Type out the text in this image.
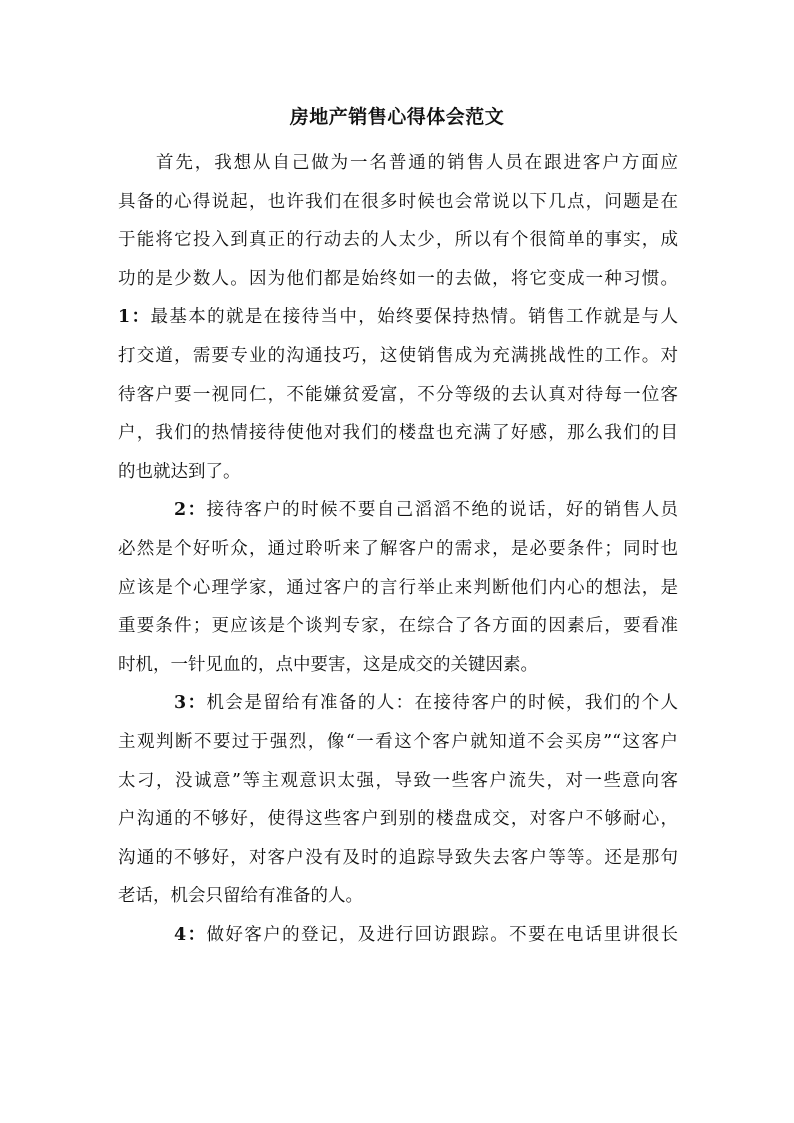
房地产销售心得体会范文
首先，我想从自己做为一名普通的销售人员在跟进客户方面应
具备的心得说起，也许我们在很多时候也会常说以下几点，问题是在
于能将它投入到真正的行动去的人太少，所以有个很简单的事实，成
功的是少数人。因为他们都是始终如一的去做，将它变成一种习惯。
1：最基本的就是在接待当中，始终要保持热情。销售工作就是与人
打交道，需要专业的沟通技巧，这使销售成为充满挑战性的工作。对
待客户要一视同仁，不能嫌贫爱富，不分等级的去认真对待每一位客
户，我们的热情接待使他对我们的楼盘也充满了好感，那么我们的目
的也就达到了。
2：接待客户的时候不要自己滔滔不绝的说话，好的销售人员
必然是个好听众，通过聆听来了解客户的需求，是必要条件；同时也
应该是个心理学家，通过客户的言行举止来判断他们内心的想法，是
重要条件；更应该是个谈判专家，在综合了各方面的因素后，要看准
时机，一针见血的，点中要害，这是成交的关键因素。
3：机会是留给有准备的人：在接待客户的时候，我们的个人
主观判断不要过于强烈，像“一看这个客户就知道不会买房”“这客户
太刁，没诚意”等主观意识太强，导致一些客户流失，对一些意向客
户沟通的不够好，使得这些客户到别的楼盘成交，对客户不够耐心，
沟通的不够好，对客户没有及时的追踪导致失去客户等等。还是那句
老话，机会只留给有准备的人。
4：做好客户的登记，及进行回访跟踪。不要在电话里讲很长
